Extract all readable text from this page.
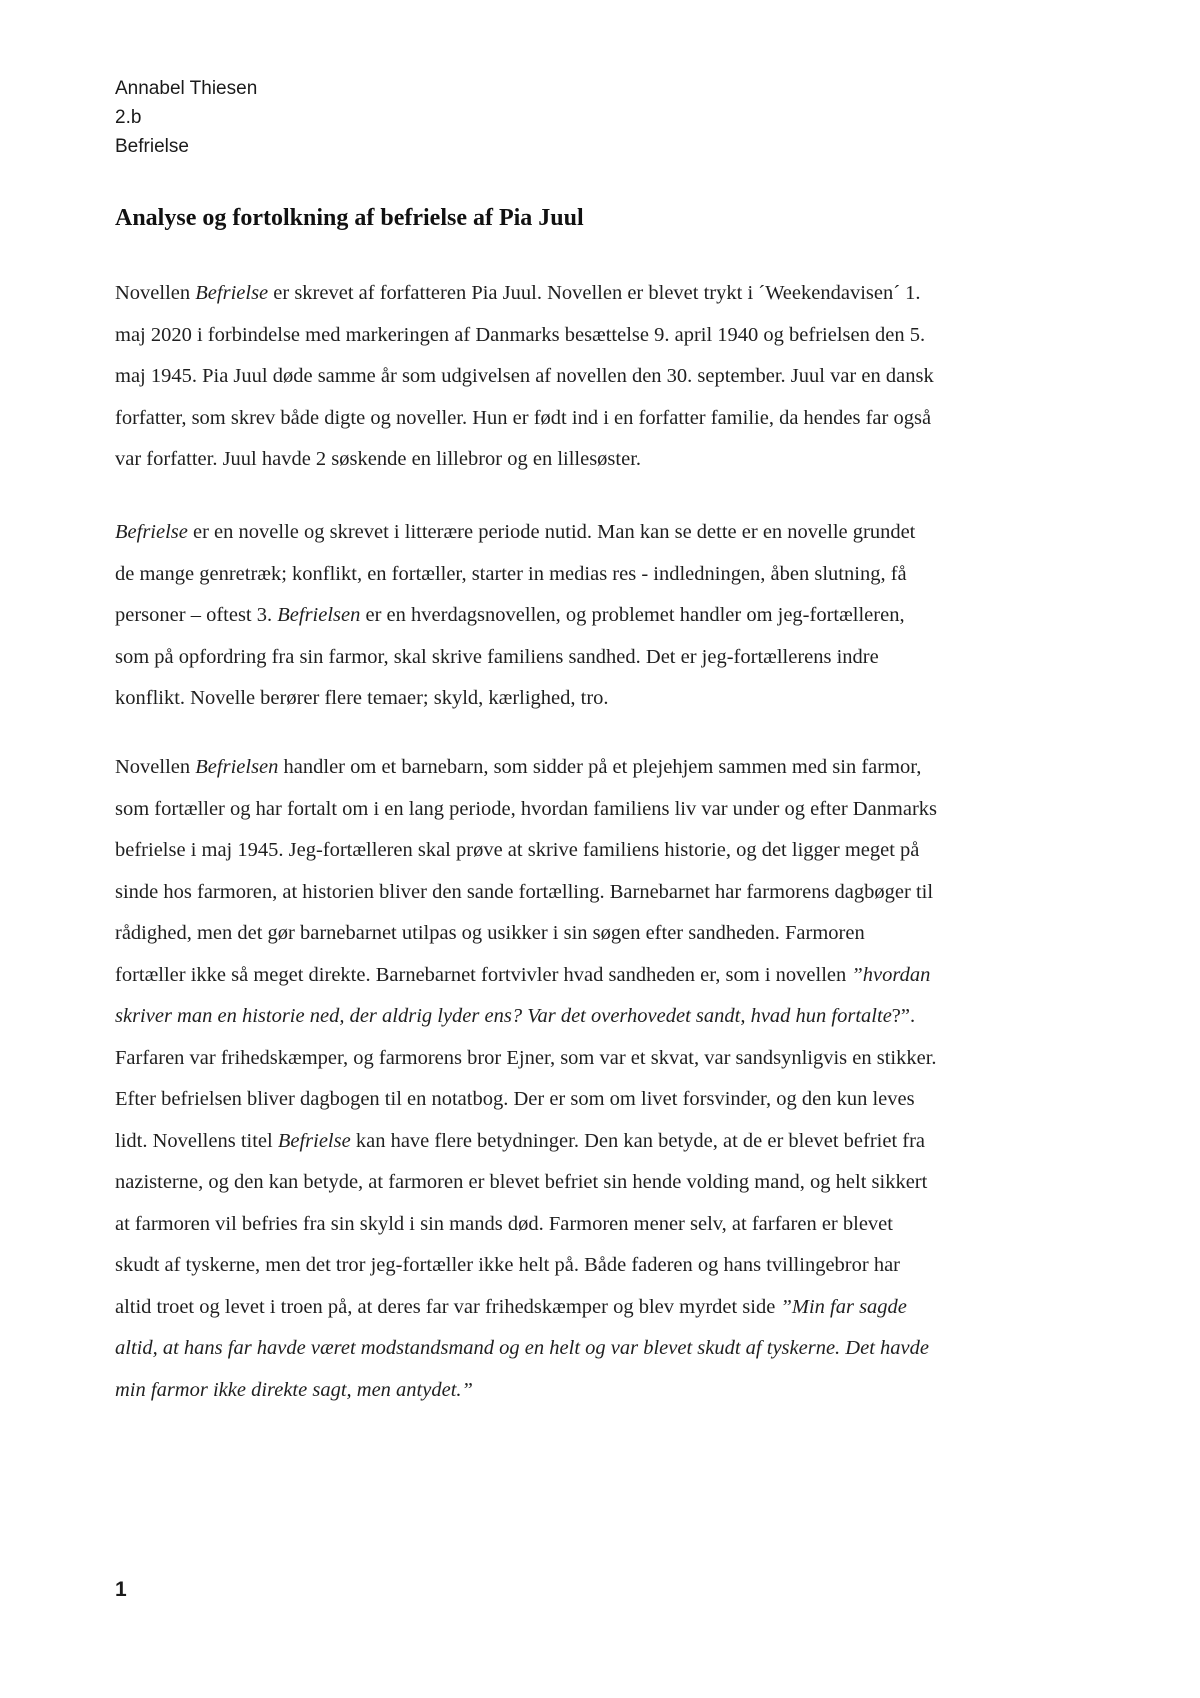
Annabel Thiesen
2.b
Befrielse
Analyse og fortolkning af befrielse af Pia Juul
Novellen Befrielse er skrevet af forfatteren Pia Juul. Novellen er blevet trykt i ´Weekendavisen´ 1.
maj 2020 i forbindelse med markeringen af Danmarks besættelse 9. april 1940 og befrielsen den 5.
maj 1945. Pia Juul døde samme år som udgivelsen af novellen den 30. september. Juul var en dansk
forfatter, som skrev både digte og noveller. Hun er født ind i en forfatter familie, da hendes far også
var forfatter. Juul havde 2 søskende en lillebror og en lillesøster.
Befrielse er en novelle og skrevet i litterære periode nutid. Man kan se dette er en novelle grundet
de mange genretræk; konflikt, en fortæller, starter in medias res - indledningen, åben slutning, få
personer – oftest 3. Befrielsen er en hverdagsnovellen, og problemet handler om jeg-fortælleren,
som på opfordring fra sin farmor, skal skrive familiens sandhed. Det er jeg-fortællerens indre
konflikt. Novelle berører flere temaer; skyld, kærlighed, tro.
Novellen Befrielsen handler om et barnebarn, som sidder på et plejehjem sammen med sin farmor,
som fortæller og har fortalt om i en lang periode, hvordan familiens liv var under og efter Danmarks
befrielse i maj 1945. Jeg-fortælleren skal prøve at skrive familiens historie, og det ligger meget på
sinde hos farmoren, at historien bliver den sande fortælling. Barnebarnet har farmorens dagbøger til
rådighed, men det gør barnebarnet utilpas og usikker i sin søgen efter sandheden. Farmoren
fortæller ikke så meget direkte. Barnebarnet fortvivler hvad sandheden er, som i novellen ”hvordan
skriver man en historie ned, der aldrig lyder ens? Var det overhovedet sandt, hvad hun fortalte?”.
Farfaren var frihedskæmper, og farmorens bror Ejner, som var et skvat, var sandsynligvis en stikker.
Efter befrielsen bliver dagbogen til en notatbog. Der er som om livet forsvinder, og den kun leves
lidt. Novellens titel Befrielse kan have flere betydninger. Den kan betyde, at de er blevet befriet fra
nazisterne, og den kan betyde, at farmoren er blevet befriet sin hende volding mand, og helt sikkert
at farmoren vil befries fra sin skyld i sin mands død. Farmoren mener selv, at farfaren er blevet
skudt af tyskerne, men det tror jeg-fortæller ikke helt på. Både faderen og hans tvillingebror har
altid troet og levet i troen på, at deres far var frihedskæmper og blev myrdet side ”Min far sagde
altid, at hans far havde været modstandsmand og en helt og var blevet skudt af tyskerne. Det havde
min farmor ikke direkte sagt, men antydet.”
1
